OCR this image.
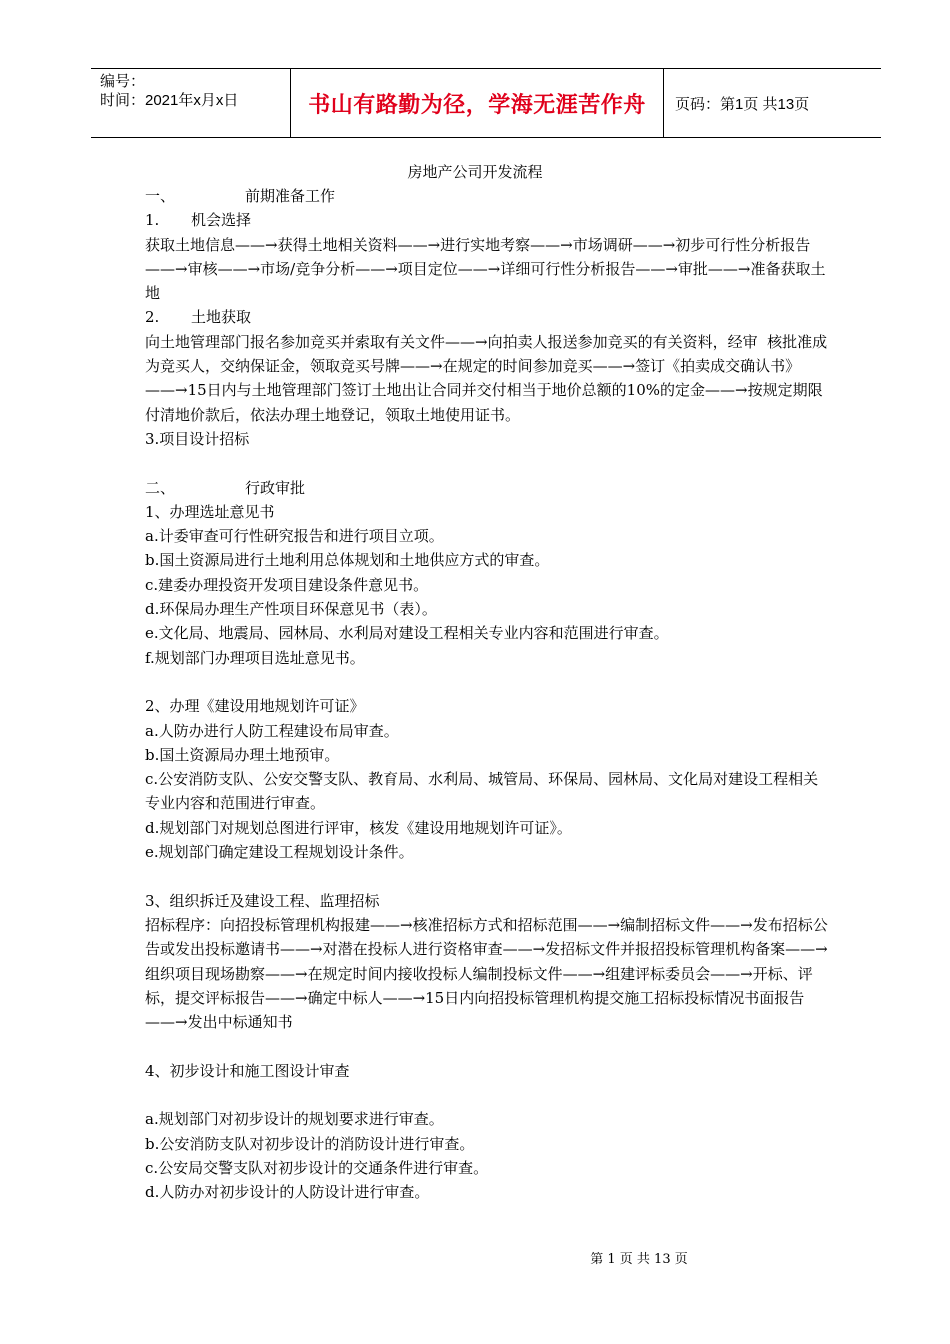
编号：
时间：2021年x月x日	书山有路勤为径，学海无涯苦作舟 页码：第1页 共13页
房地产公司开发流程

一、	前期准备工作

1.	机会选择

获取土地信息——→获得土地相关资料——→进行实地考察——→市场调研——→初步可行性分析报告——→审核——→市场/竞争分析——→项目定位——→详细可行性分析报告——→审批——→准备获取土地

2.	土地获取

向土地管理部门报名参加竞买并索取有关文件——→向拍卖人报送参加竞买的有关资料，经审  核批准成为竞买人，交纳保证金，领取竞买号牌——→在规定的时间参加竞买——→签订《拍卖成交确认书》——→15日内与土地管理部门签订土地出让合同并交付相当于地价总额的10%的定金——→按规定期限付清地价款后，依法办理土地登记，领取土地使用证书。

3.项目设计招标

二、	行政审批

1、办理选址意见书

a.计委审查可行性研究报告和进行项目立项。

b.国土资源局进行土地利用总体规划和土地供应方式的审查。

c.建委办理投资开发项目建设条件意见书。

d.环保局办理生产性项目环保意见书（表）。

e.文化局、地震局、园林局、水利局对建设工程相关专业内容和范围进行审查。

f.规划部门办理项目选址意见书。

2、办理《建设用地规划许可证》

a.人防办进行人防工程建设布局审查。

b.国土资源局办理土地预审。

c.公安消防支队、公安交警支队、教育局、水利局、城管局、环保局、园林局、文化局对建设工程相关专业内容和范围进行审查。

d.规划部门对规划总图进行评审，核发《建设用地规划许可证》。

e.规划部门确定建设工程规划设计条件。

3、组织拆迁及建设工程、监理招标

招标程序：向招投标管理机构报建——→核准招标方式和招标范围——→编制招标文件——→发布招标公告或发出投标邀请书——→对潜在投标人进行资格审查——→发招标文件并报招投标管理机构备案——→组织项目现场勘察——→在规定时间内接收投标人编制投标文件——→组建评标委员会——→开标、评标，提交评标报告——→确定中标人——→15日内向招投标管理机构提交施工招标投标情况书面报告——→发出中标通知书

4、初步设计和施工图设计审查

a.规划部门对初步设计的规划要求进行审查。

b.公安消防支队对初步设计的消防设计进行审查。

c.公安局交警支队对初步设计的交通条件进行审查。

d.人防办对初步设计的人防设计进行审查。

第 1 页 共 13 页
